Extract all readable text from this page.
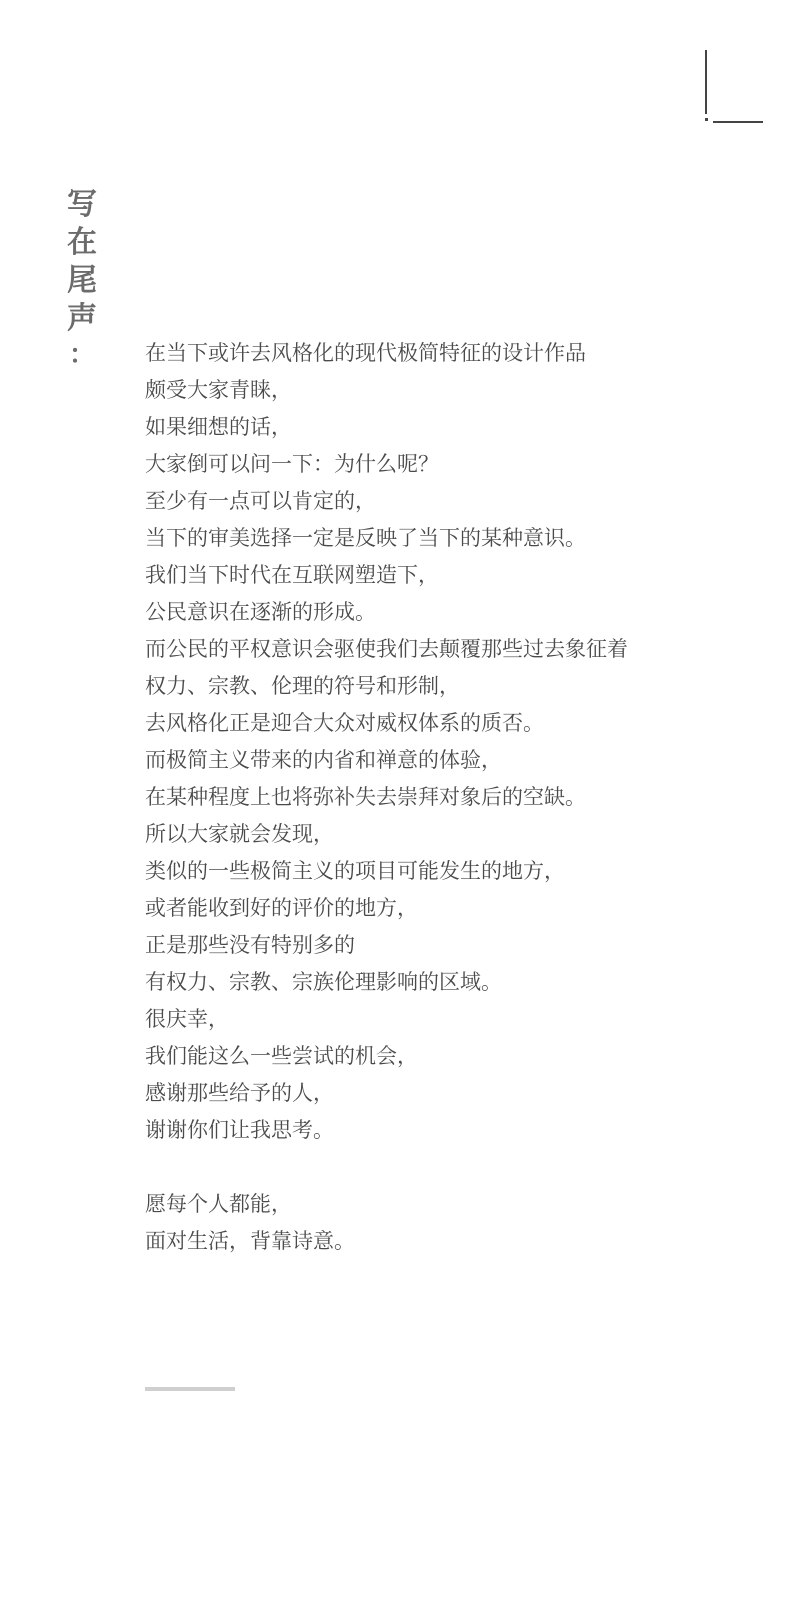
写
在
尾
声
： 在当下或许去风格化的现代极简特征的设计作品
颇受大家青睐，
如果细想的话，
大家倒可以问一下：为什么呢？
至少有一点可以肯定的，
当下的审美选择一定是反映了当下的某种意识。
我们当下时代在互联网塑造下，
公民意识在逐渐的形成。
而公民的平权意识会驱使我们去颠覆那些过去象征着
权力、宗教、伦理的符号和形制，
去风格化正是迎合大众对威权体系的质否。
而极简主义带来的内省和禅意的体验，
在某种程度上也将弥补失去崇拜对象后的空缺。
所以大家就会发现，
类似的一些极简主义的项目可能发生的地方，
或者能收到好的评价的地方，
正是那些没有特别多的
有权力、宗教、宗族伦理影响的区域。
很庆幸，
我们能这么一些尝试的机会，
感谢那些给予的人，
谢谢你们让我思考。
愿每个人都能，
面对生活，背靠诗意。
